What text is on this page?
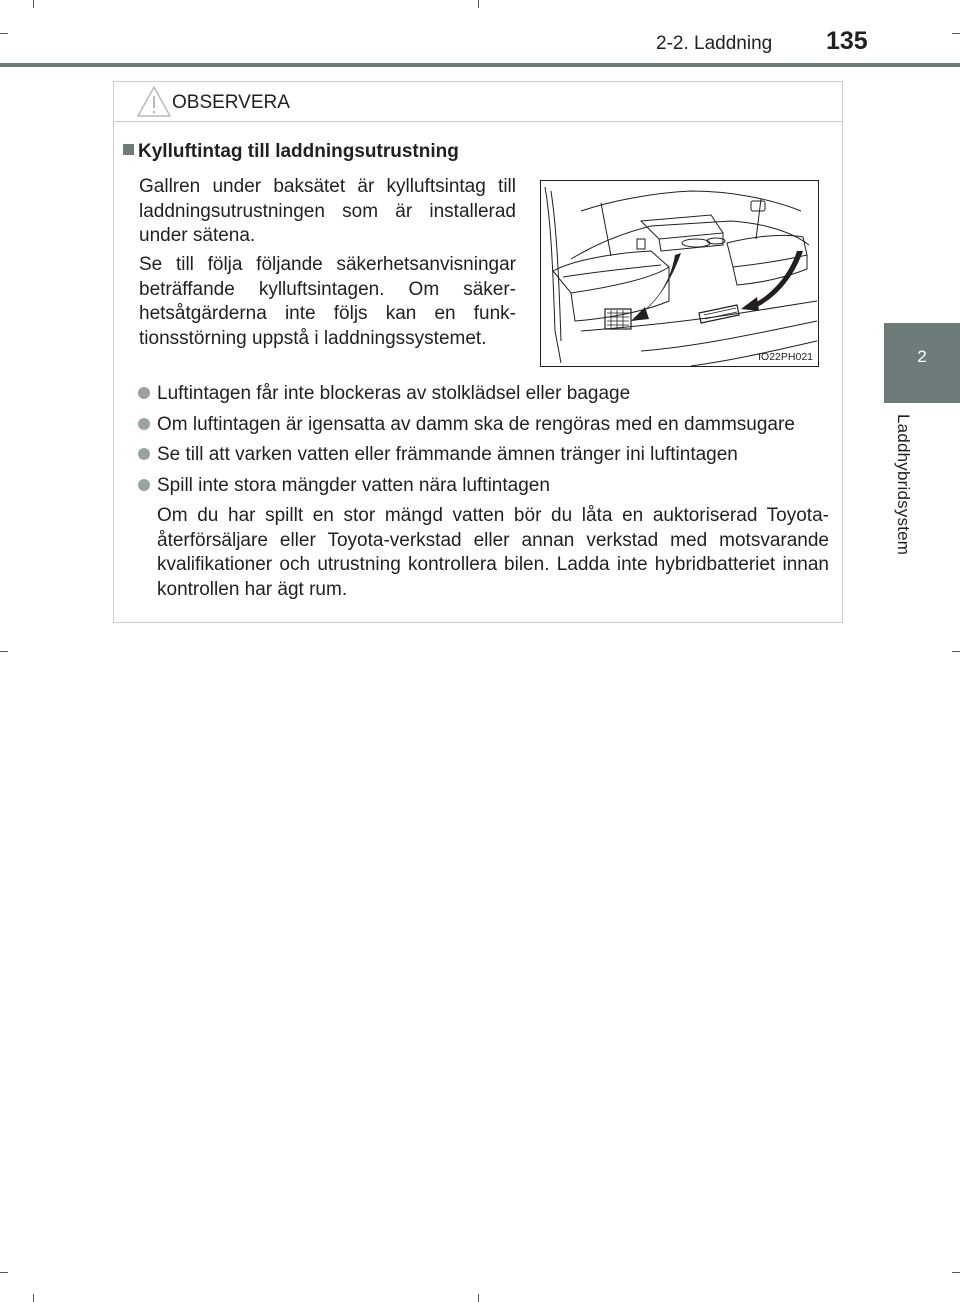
2-2. Laddning 135
2
Laddhybridsystem
OBSERVERA
Kylluftintag till laddningsutrustning

Gallren under baksätet är kylluftsintag till laddningsutrustningen som är installerad under sätena.

Se till följa följande säkerhetsanvisningar beträffande kylluftsintagen. Om säker-hetsåtgärderna inte följs kan en funk-tionsstörning uppstå i laddningssystemet.

IO22PH021
Luftintagen får inte blockeras av stolklädsel eller bagage
Om luftintagen är igensatta av damm ska de rengöras med en dammsugare
Se till att varken vatten eller främmande ämnen tränger ini luftintagen
Spill inte stora mängder vatten nära luftintagen

Om du har spillt en stor mängd vatten bör du låta en auktoriserad Toyota-återförsäljare eller Toyota-verkstad eller annan verkstad med motsvarande kvalifikationer och utrustning kontrollera bilen. Ladda inte hybridbatteriet innan kontrollen har ägt rum.
